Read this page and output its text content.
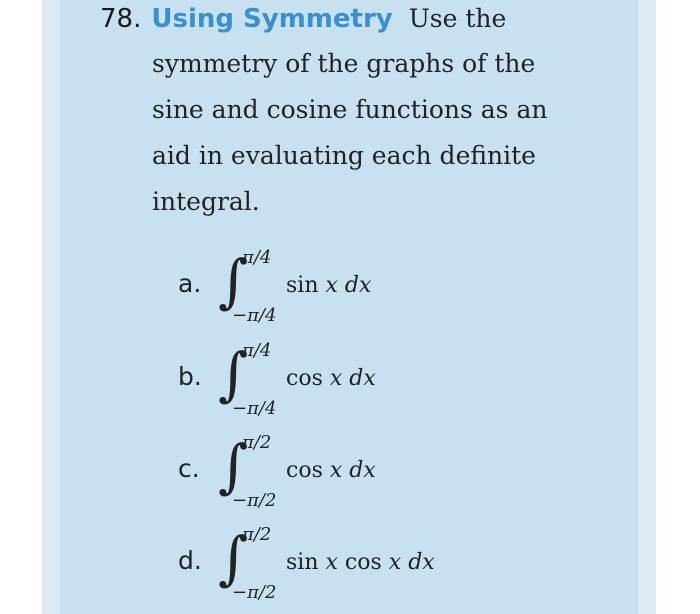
78. Using Symmetry Use the
symmetry of the graphs of the
sine and cosine functions as an
aid in evaluating each definite
integral.
a. ∫
π/4
−π/4
sin x dx
b. ∫
π/4
−π/4
cos x dx
c. ∫
π/2
−π/2
cos x dx
d. ∫
π/2
−π/2
sin x cos x dx
